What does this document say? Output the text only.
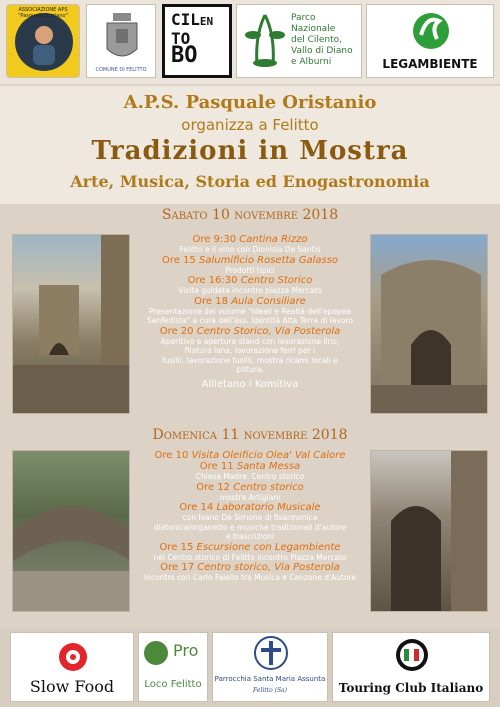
ASSOCIAZIONE APS "Pasquale Oristano"
COMUNE DI FELITTO
CILEN
TO
BO
Parco Nazionale
del Cilento,
Vallo di Diano
e Alburni	LEGAMBIENTE
A.P.S. Pasquale Oristanio
organizza a Felitto
Tradizioni in Mostra
Arte, Musica, Storia ed Enogastronomia
Sabato 10 novembre 2018
Ore 9:30 Cantina Rizzo
Felitto e il vino con Dionisia De Santis
Ore 15 Salumificio Rosetta Galasso
Prodotti tipici
Ore 16:30 Centro Storico
Visita guidata incontro piazza Mercato
Ore 18 Aula Consiliare
Presentazione del volume "Ideali e Realtà dell'epopea
Sanfedista" a cura dell'ass. Identità Alta Terra di lavoro
Ore 20 Centro Storico, Via Posterola
Aperitivo e apertura stand con lavorazione lino,
filatura lana, lavorazione ferri per i
fusilli, lavorazione fusilli, mostra ricami locali e
pittura.
Allietano i Komitiva
Domenica 11 novembre 2018
Ore 10 Visita Oleificio Olea' Val Calore
Ore 11 Santa Messa
Chiesa Madre. Centro storico
Ore 12 Centro storico
mostra Artigiani
Ore 14 Laboratorio Musicale
con Ivano De Simone di fisarmonica
diatonica/organetto e musiche tradizionali d'autore
e trascrizioni
Ore 15 Escursione con Legambiente
nel Centro storico di Felitto incontro Piazza Mercato
Ore 17 Centro storico, Via Posterola
incontro con Carlo Faiello tra Musica e Canzone d'Autore
Slow Food
Pro
Loco Felitto	Parrocchia Santa Maria Assunta
Felitto (Sa)	Touring Club Italiano
